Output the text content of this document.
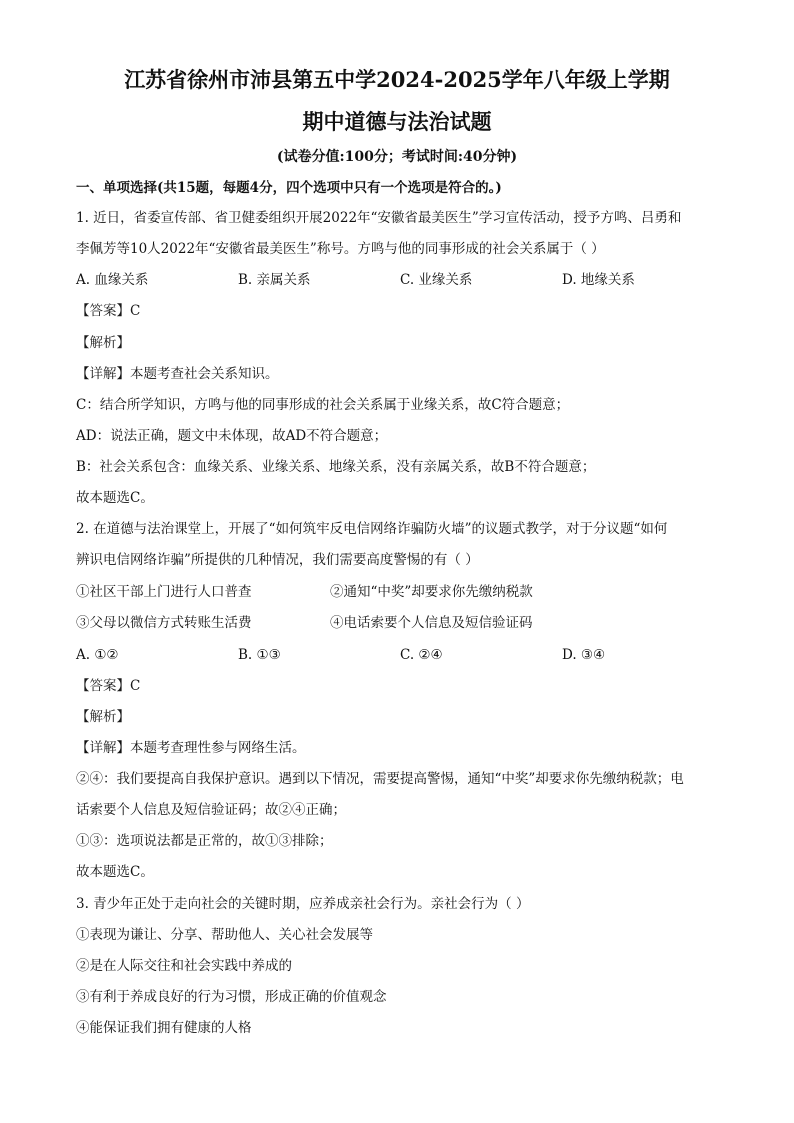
江苏省徐州市沛县第五中学2024-2025学年八年级上学期
期中道德与法治试题
(试卷分值:100分；考试时间:40分钟)
一、单项选择(共15题，每题4分，四个选项中只有一个选项是符合的。)
1. 近日，省委宣传部、省卫健委组织开展2022年“安徽省最美医生”学习宣传活动，授予方鸣、吕勇和
李佩芳等10人2022年“安徽省最美医生”称号。方鸣与他的同事形成的社会关系属于（ ）
A. 血缘关系	B. 亲属关系	C. 业缘关系	D. 地缘关系
【答案】C
【解析】
【详解】本题考查社会关系知识。
C：结合所学知识，方鸣与他的同事形成的社会关系属于业缘关系，故C符合题意；
AD：说法正确，题文中未体现，故AD不符合题意；
B：社会关系包含：血缘关系、业缘关系、地缘关系，没有亲属关系，故B不符合题意；
故本题选C。
2. 在道德与法治课堂上，开展了“如何筑牢反电信网络诈骗防火墙”的议题式教学，对于分议题“如何
辨识电信网络诈骗”所提供的几种情况，我们需要高度警惕的有（ ）
①社区干部上门进行人口普查	②通知“中奖”却要求你先缴纳税款
③父母以微信方式转账生活费	④电话索要个人信息及短信验证码
A. ①②	B. ①③	C. ②④	D. ③④
【答案】C
【解析】
【详解】本题考查理性参与网络生活。
②④：我们要提高自我保护意识。遇到以下情况，需要提高警惕，通知“中奖”却要求你先缴纳税款；电
话索要个人信息及短信验证码；故②④正确；
①③：选项说法都是正常的，故①③排除；
故本题选C。
3. 青少年正处于走向社会的关键时期，应养成亲社会行为。亲社会行为（ ）
①表现为谦让、分享、帮助他人、关心社会发展等
②是在人际交往和社会实践中养成的
③有利于养成良好的行为习惯，形成正确的价值观念
④能保证我们拥有健康的人格
